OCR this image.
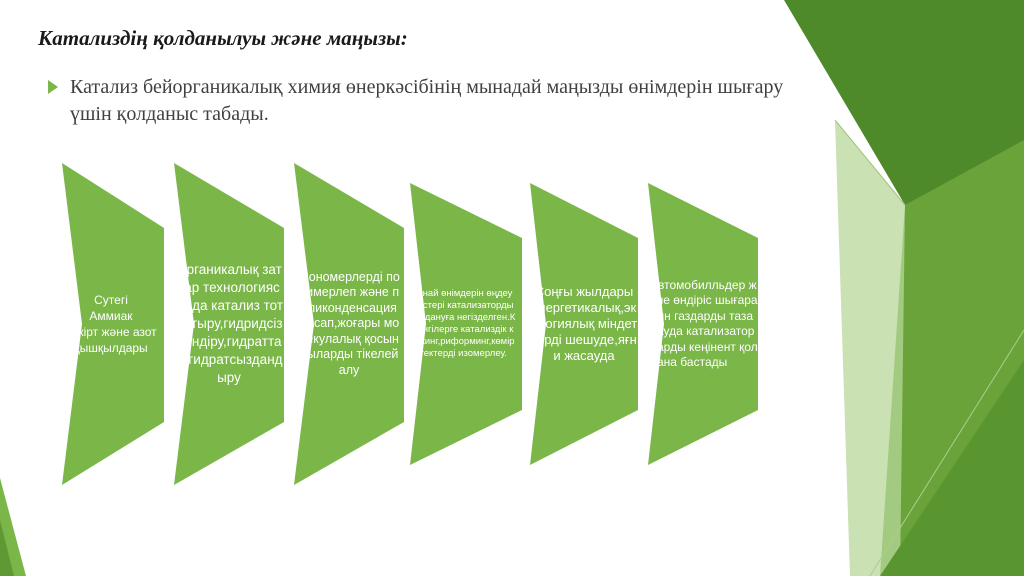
Катализдің қолданылуы және маңызы:
Катализ бейорганикалық химия өнеркәсібінің мынадай маңызды өнімдерін шығару үшін қолданыс табады.
Сутегі
Аммиак
Күкірт және азот қышқылдары
Органикалық заттар технологиясында катализ тотықтыру,гидридсіздендіру,гидраттау, гидратсыздандыру
Мономерлерді полимерлеп және поликонденсация жасап,жоғары молекулалық қосындыларды тікелей алу
Мұнай өнімдерін өңдеу әдістері катализаторды қолдануға негізделген.Кейінгілерге катализдік крекинг,риформинг,көмірсутектерді изомерлеу.
Соңғы жылдары энергетикалық,экологиялық міндеттерді шешуде,яғни жасауда
Автомобилльдер және өндіріс шығаратын газдарды тазалауда катализаторларды кеңінент қолдана бастады
